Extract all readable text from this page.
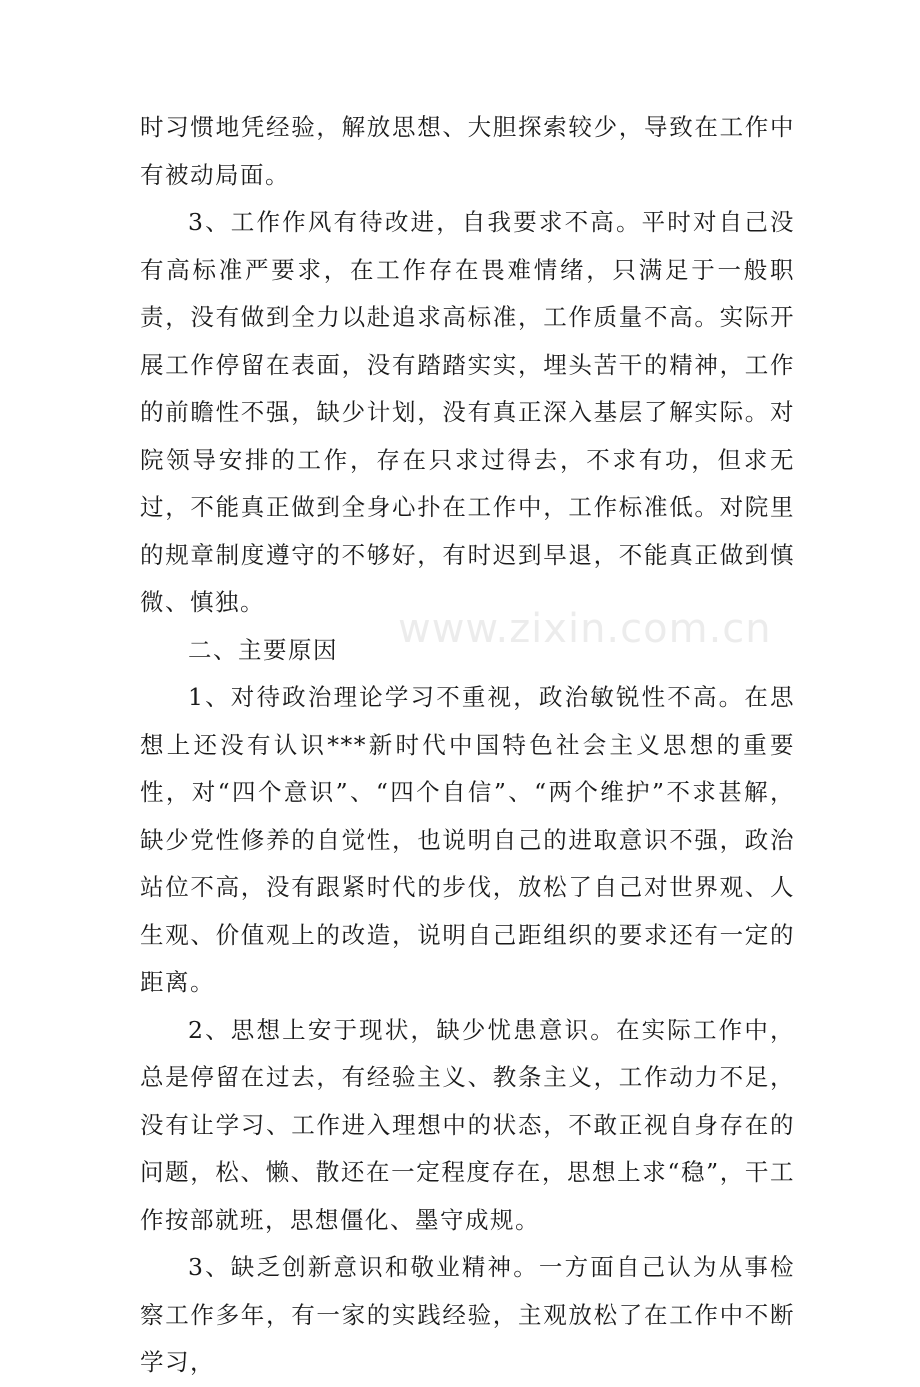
时习惯地凭经验，解放思想、大胆探索较少，导致在工作中有被动局面。

3、工作作风有待改进，自我要求不高。平时对自己没有高标准严要求，在工作存在畏难情绪，只满足于一般职责，没有做到全力以赴追求高标准，工作质量不高。实际开展工作停留在表面，没有踏踏实实，埋头苦干的精神，工作的前瞻性不强，缺少计划，没有真正深入基层了解实际。对院领导安排的工作，存在只求过得去，不求有功，但求无过，不能真正做到全身心扑在工作中，工作标准低。对院里的规章制度遵守的不够好，有时迟到早退，不能真正做到慎微、慎独。

二、主要原因

1、对待政治理论学习不重视，政治敏锐性不高。在思想上还没有认识***新时代中国特色社会主义思想的重要性，对“四个意识”、“四个自信”、“两个维护”不求甚解，缺少党性修养的自觉性，也说明自己的进取意识不强，政治站位不高，没有跟紧时代的步伐，放松了自己对世界观、人生观、价值观上的改造，说明自己距组织的要求还有一定的距离。

2、思想上安于现状，缺少忧患意识。在实际工作中，总是停留在过去，有经验主义、教条主义，工作动力不足，没有让学习、工作进入理想中的状态，不敢正视自身存在的问题，松、懒、散还在一定程度存在，思想上求“稳”，干工作按部就班，思想僵化、墨守成规。

3、缺乏创新意识和敬业精神。一方面自己认为从事检察工作多年，有一家的实践经验，主观放松了在工作中不断学习，

www.zixin.com.cn
